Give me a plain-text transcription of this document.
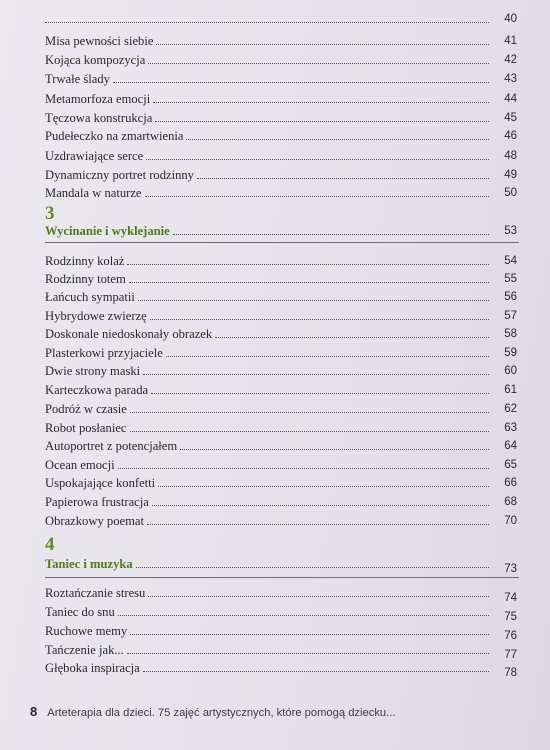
40
Misa pewności siebie	41
Kojąca kompozycja	42
Trwałe ślady	43
Metamorfoza emocji	44
Tęczowa konstrukcja	45
Pudełeczko na zmartwienia	46
Uzdrawiające serce	48
Dynamiczny portret rodzinny	49
Mandala w naturze	50
3
Wycinanie i wyklejanie	53
Rodzinny kolaż	54
Rodzinny totem	55
Łańcuch sympatii	56
Hybrydowe zwierzę	57
Doskonale niedoskonały obrazek	58
Plasterkowi przyjaciele	59
Dwie strony maski	60
Karteczkowa parada	61
Podróż w czasie	62
Robot posłaniec	63
Autoportret z potencjałem	64
Ocean emocji	65
Uspokajające konfetti	66
Papierowa frustracja	68
Obrazkowy poemat	70
4
Taniec i muzyka	73
Roztańczanie stresu	74
Taniec do snu	75
Ruchowe memy	76
Tańczenie jak...	77
Głęboka inspiracja	78
8 Arteterapia dla dzieci. 75 zajęć artystycznych, które pomogą dziecku...
